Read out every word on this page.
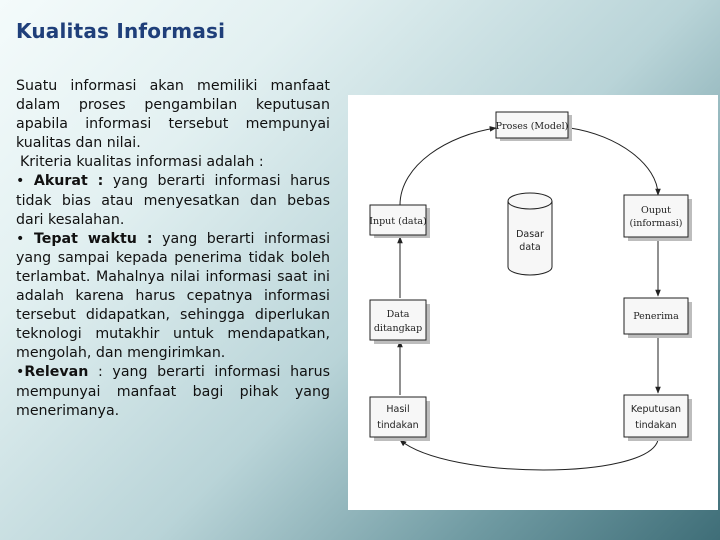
Kualitas Informasi

Suatu informasi akan memiliki manfaat dalam proses pengambilan keputusan apabila informasi tersebut mempunyai kualitas dan nilai.

Kriteria kualitas informasi adalah :

• Akurat : yang berarti informasi harus tidak bias atau menyesatkan dan bebas dari kesalahan.

• Tepat waktu : yang berarti informasi yang sampai kepada penerima tidak boleh terlambat. Mahalnya nilai informasi saat ini adalah karena harus cepatnya informasi tersebut didapatkan, sehingga diperlukan teknologi mutakhir untuk mendapatkan, mengolah, dan mengirimkan.

•Relevan : yang berarti informasi harus mempunyai manfaat bagi pihak yang menerimanya.

Proses (Model)
Input (data)
Dasar
data
Ouput
(informasi)
Data
ditangkap
Penerima
Hasil
tindakan
Keputusan
tindakan
